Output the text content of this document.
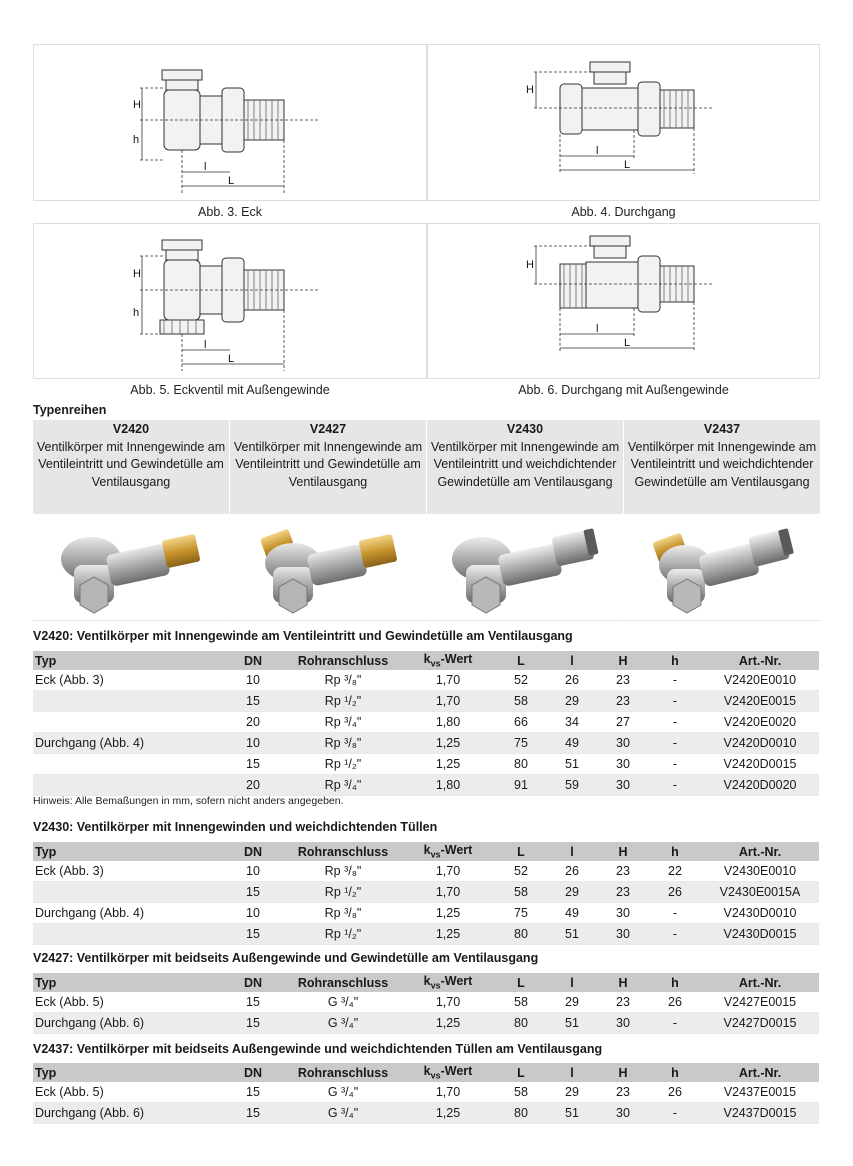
H
h
l
L
Abb. 3. Eck
H
l
L
Abb. 4. Durchgang
H
h
l
L
Abb. 5. Eckventil mit Außengewinde
H
l
L
Abb. 6. Durchgang mit Außengewinde
Typenreihen
V2420
Ventilkörper mit Innengewinde am Ventileintritt und Gewindetülle am Ventilausgang
V2427
Ventilkörper mit Innengewinde am Ventileintritt und Gewindetülle am Ventilausgang
V2430
Ventilkörper mit Innengewinde am Ventileintritt und weichdichtender Gewindetülle am Ventilausgang
V2437
Ventilkörper mit Innengewinde am Ventileintritt und weichdichtender Gewindetülle am Ventilausgang
V2420: Ventilkörper mit Innengewinde am Ventileintritt und Gewindetülle am Ventilausgang
Typ	DN	Rohranschluss	$k_{vs}$-Wert	L	l	H	h	Art.-Nr.
Eck (Abb. 3)	10	Rp ³/₈"	1,70	52	26	23	-	V2420E0010
	15	Rp ¹/₂"	1,70	58	29	23	-	V2420E0015
	20	Rp ³/₄"	1,80	66	34	27	-	V2420E0020
Durchgang (Abb. 4)	10	Rp ³/₈"	1,25	75	49	30	-	V2420D0010
	15	Rp ¹/₂"	1,25	80	51	30	-	V2420D0015
	20	Rp ³/₄"	1,80	91	59	30	-	V2420D0020
Hinweis: Alle Bemaßungen in mm, sofern nicht anders angegeben.
V2430: Ventilkörper mit Innengewinden und weichdichtenden Tüllen
Typ	DN	Rohranschluss	$k_{vs}$-Wert	L	l	H	h	Art.-Nr.
Eck (Abb. 3)	10	Rp ³/₈"	1,70	52	26	23	22	V2430E0010
	15	Rp ¹/₂"	1,70	58	29	23	26	V2430E0015A
Durchgang (Abb. 4)	10	Rp ³/₈"	1,25	75	49	30	-	V2430D0010
	15	Rp ¹/₂"	1,25	80	51	30	-	V2430D0015
V2427: Ventilkörper mit beidseits Außengewinde und Gewindetülle am Ventilausgang
Typ	DN	Rohranschluss	$k_{vs}$-Wert	L	l	H	h	Art.-Nr.
Eck (Abb. 5)	15	G ³/₄"	1,70	58	29	23	26	V2427E0015
Durchgang (Abb. 6)	15	G ³/₄"	1,25	80	51	30	-	V2427D0015
V2437: Ventilkörper mit beidseits Außengewinde und weichdichtenden Tüllen am Ventilausgang
Typ	DN	Rohranschluss	$k_{vs}$-Wert	L	l	H	h	Art.-Nr.
Eck (Abb. 5)	15	G ³/₄"	1,70	58	29	23	26	V2437E0015
Durchgang (Abb. 6)	15	G ³/₄"	1,25	80	51	30	-	V2437D0015
